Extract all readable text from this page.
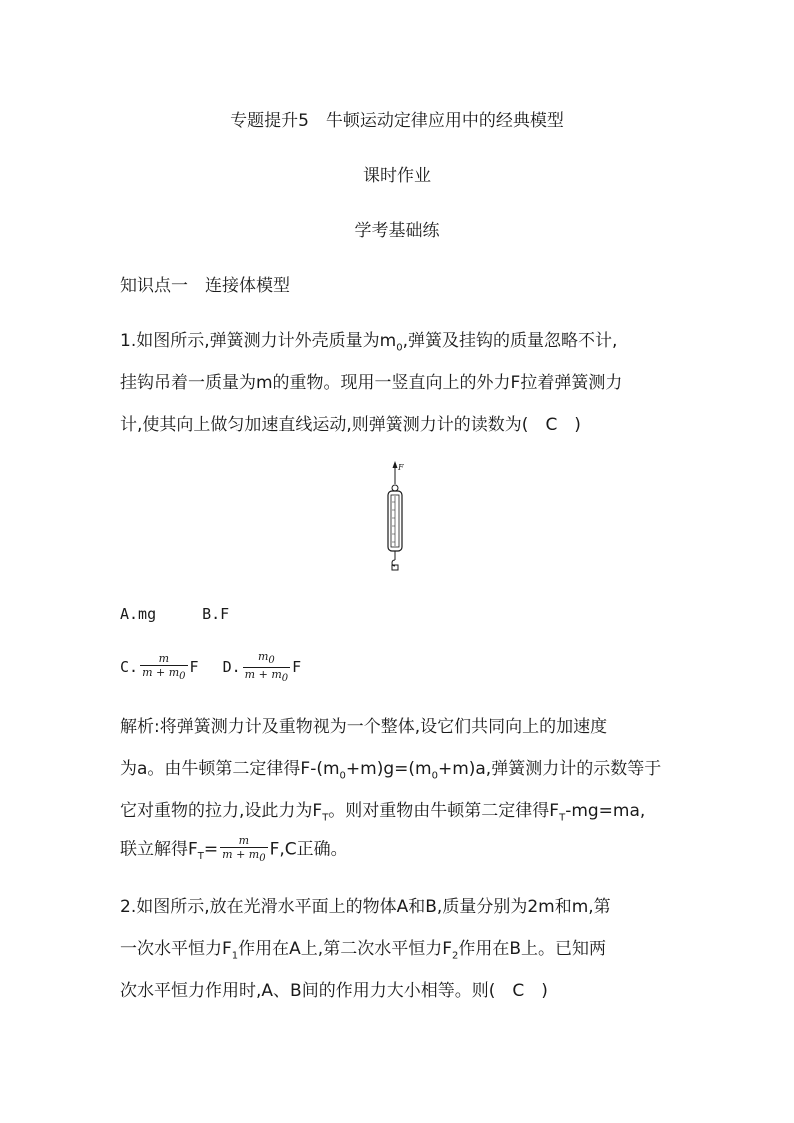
专题提升5　牛顿运动定律应用中的经典模型
课时作业
学考基础练
知识点一　连接体模型
1.如图所示,弹簧测力计外壳质量为$m_0$,弹簧及挂钩的质量忽略不计,
挂钩吊着一质量为m的重物。现用一竖直向上的外力F拉着弹簧测力
计,使其向上做匀加速直线运动,则弹簧测力计的读数为(　C　)
F
A.mg	B.F
C. $\frac{m}{m + m_0}$ F D. $\frac{m_0}{m + m_0}$ F
解析:将弹簧测力计及重物视为一个整体,设它们共同向上的加速度
为a。由牛顿第二定律得$F-(m_0+m)g=(m_0+m)a$,弹簧测力计的示数等于
它对重物的拉力,设此力为$F_T$。则对重物由牛顿第二定律得$F_T-mg=ma$,
联立解得$F_T= \frac{m}{m + m_0} F,C$正确。
2.如图所示,放在光滑水平面上的物体A和B,质量分别为2m和m,第
一次水平恒力$F_1$作用在A上,第二次水平恒力$F_2$作用在B上。已知两
次水平恒力作用时,A、B间的作用力大小相等。则(　C　)
